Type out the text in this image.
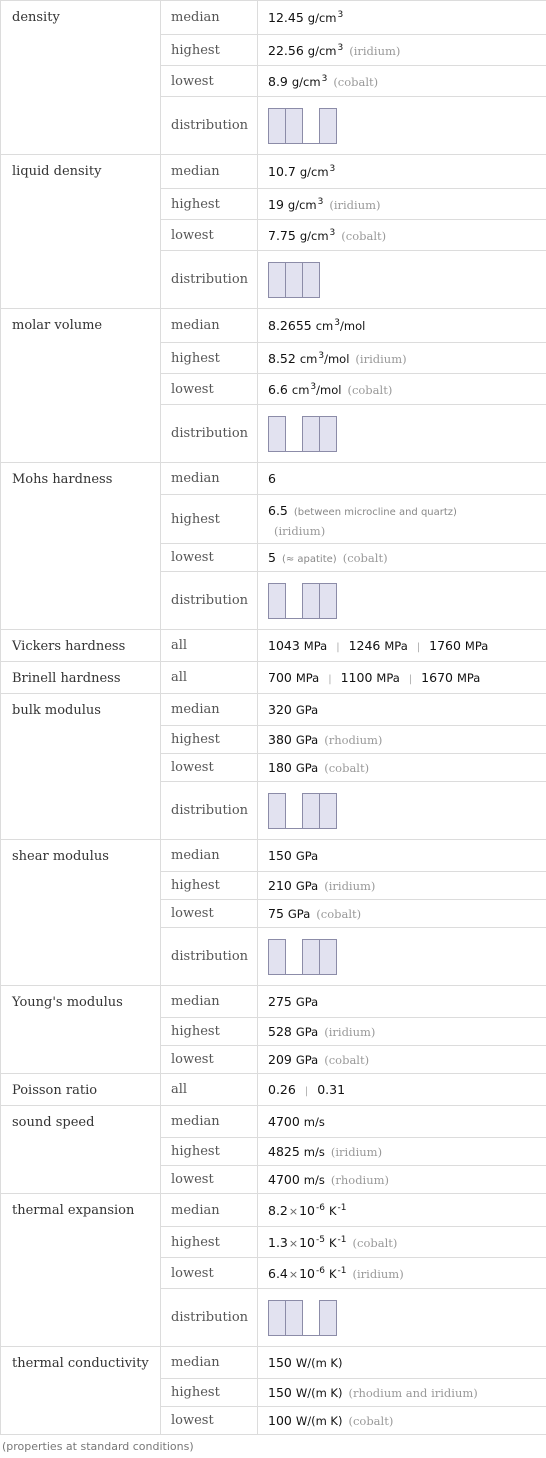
density	median	12.45 $g/cm^3$
	highest	22.56 $g/cm^3$ (iridium)
	lowest	8.9 $g/cm^3$ (cobalt)
	distribution	

liquid density	median	10.7 $g/cm^3$
	highest	19 $g/cm^3$ (iridium)
	lowest	7.75 $g/cm^3$ (cobalt)
	distribution	

molar volume	median	8.2655 $cm^3$/mol
	highest	8.52 $cm^3$/mol (iridium)
	lowest	6.6 $cm^3$/mol (cobalt)
	distribution	

Mohs hardness	median	6
	highest	6.5 (between microcline and quartz)
(iridium)

	lowest	5 (≈ apatite) (cobalt)
	distribution	

Vickers hardness	all	1043 MPa | 1246 MPa | 1760 MPa
Brinell hardness	all	700 MPa | 1100 MPa | 1670 MPa
bulk modulus	median	320 GPa
	highest	380 GPa (rhodium)
	lowest	180 GPa (cobalt)
	distribution	

shear modulus	median	150 GPa
	highest	210 GPa (iridium)
	lowest	75 GPa (cobalt)
	distribution	

Young's modulus	median	275 GPa
	highest	528 GPa (iridium)
	lowest	209 GPa (cobalt)
Poisson ratio	all	0.26 | 0.31
sound speed	median	4700 m/s
	highest	4825 m/s (iridium)
	lowest	4700 m/s (rhodium)
thermal expansion	median	$8.2\times 10^{-6}$ $K^{-1}$
	highest	$1.3\times 10^{-5}$ $K^{-1}$ (cobalt)
	lowest	$6.4\times 10^{-6}$ $K^{-1}$ (iridium)
	distribution	

thermal conductivity	median	150 W/(m K)
	highest	150 W/(m K) (rhodium and iridium)
	lowest	100 W/(m K) (cobalt)
(properties at standard conditions)
